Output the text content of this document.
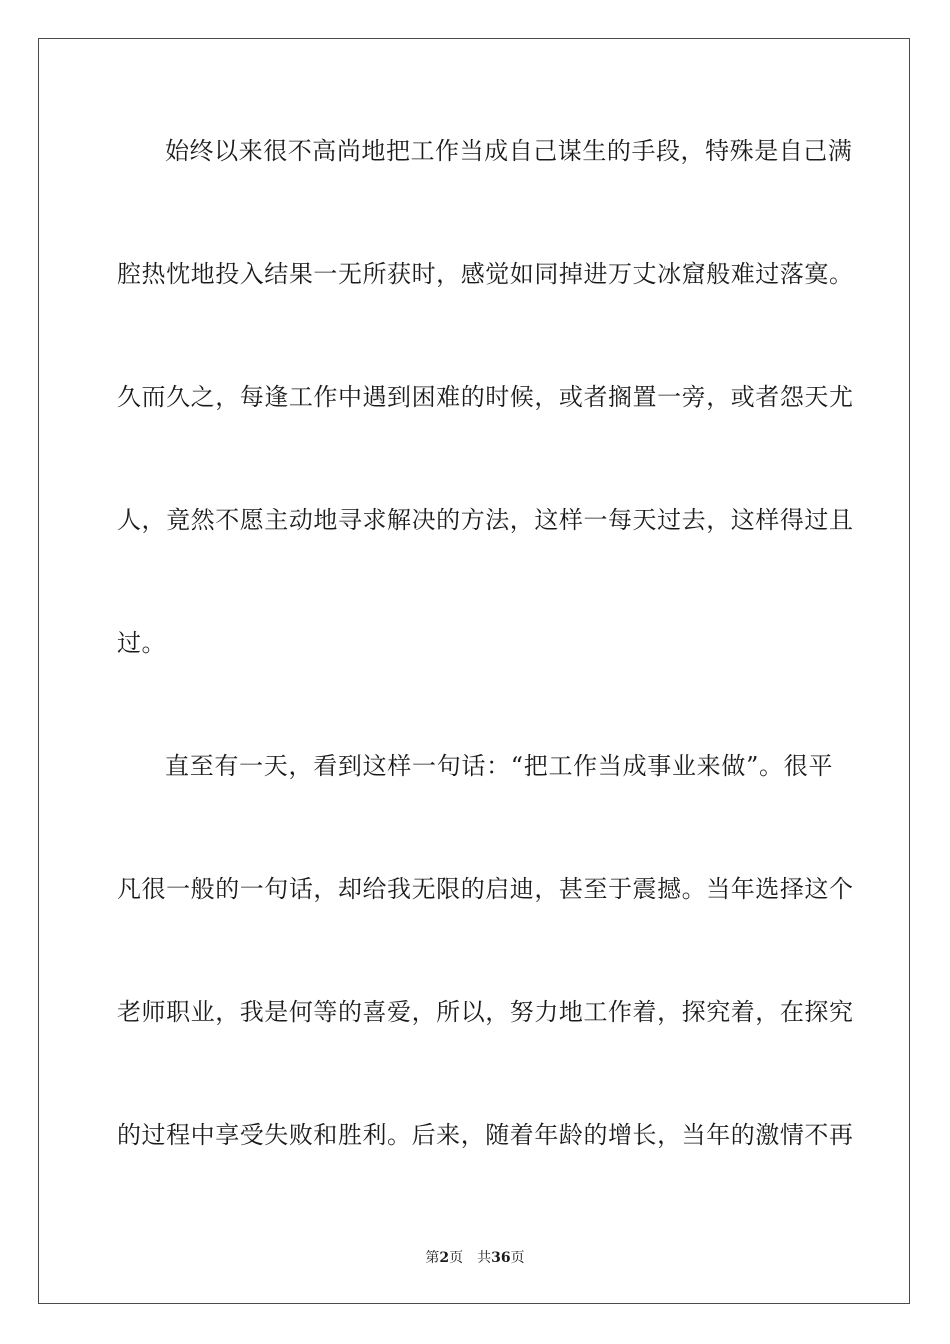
始终以来很不高尚地把工作当成自己谋生的手段，特殊是自己满
腔热忱地投入结果一无所获时，感觉如同掉进万丈冰窟般难过落寞。
久而久之，每逢工作中遇到困难的时候，或者搁置一旁，或者怨天尤
人，竟然不愿主动地寻求解决的方法，这样一每天过去，这样得过且
过。
直至有一天，看到这样一句话：“把工作当成事业来做”。很平
凡很一般的一句话，却给我无限的启迪，甚至于震撼。当年选择这个
老师职业，我是何等的喜爱，所以，努力地工作着，探究着，在探究
的过程中享受失败和胜利。后来，随着年龄的增长，当年的激情不再
第2页 共36页
